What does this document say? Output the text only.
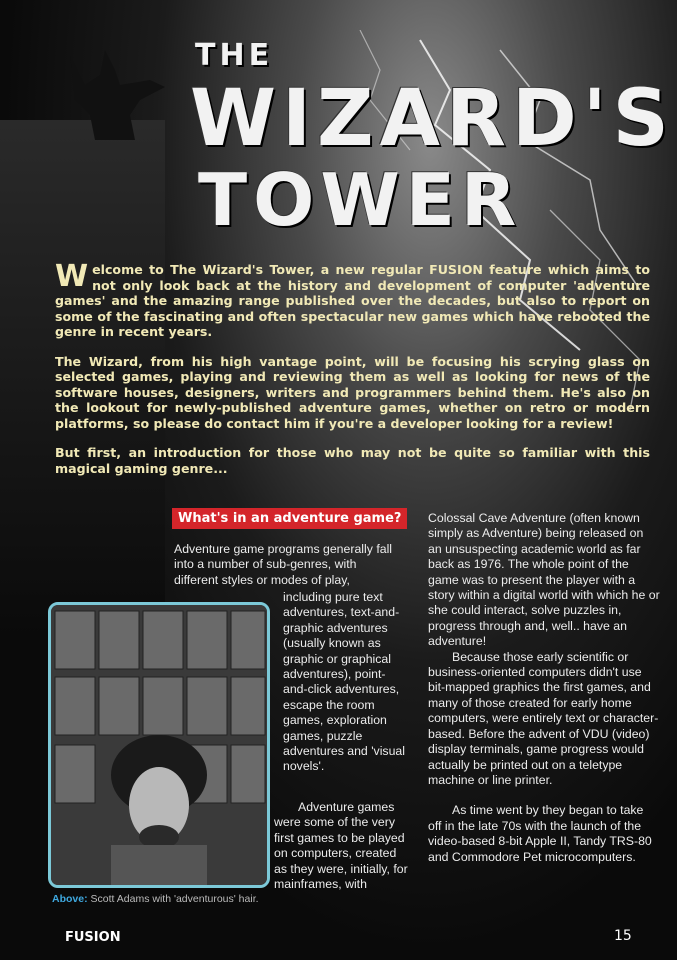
THE
WIZARD'S
TOWER

Welcome to The Wizard's Tower, a new regular FUSION feature which aims to not only look back at the history and development of computer 'adventure games' and the amazing range published over the decades, but also to report on some of the fascinating and often spectacular new games which have rebooted the genre in recent years.

The Wizard, from his high vantage point, will be focusing his scrying glass on selected games, playing and reviewing them as well as looking for news of the software houses, designers, writers and programmers behind them. He's also on the lookout for newly-published adventure games, whether on retro or modern platforms, so please do contact him if you're a developer looking for a review!

But first, an introduction for those who may not be quite so familiar with this magical gaming genre...

What's in an adventure game?

Adventure game programs generally fall into a number of sub-genres, with different styles or modes of play,

including pure text adventures, text-and-graphic adventures (usually known as graphic or graphical adventures), point-and-click adventures, escape the room games, exploration games, puzzle adventures and 'visual novels'.

Adventure games were some of the very first games to be played on computers, created as they were, initially, for mainframes, with

Above: Scott Adams with 'adventurous' hair.

Colossal Cave Adventure (often known simply as Adventure) being released on an unsuspecting academic world as far back as 1976. The whole point of the game was to present the player with a story within a digital world with which he or she could interact, solve puzzles in, progress through and, well.. have an adventure!

Because those early scientific or business-oriented computers didn't use bit-mapped graphics the first games, and many of those created for early home computers, were entirely text or character-based. Before the advent of VDU (video) display terminals, game progress would actually be printed out on a teletype machine or line printer.

As time went by they began to take off in the late 70s with the launch of the video-based 8-bit Apple II, Tandy TRS-80 and Commodore Pet microcomputers.

FUSION	15
